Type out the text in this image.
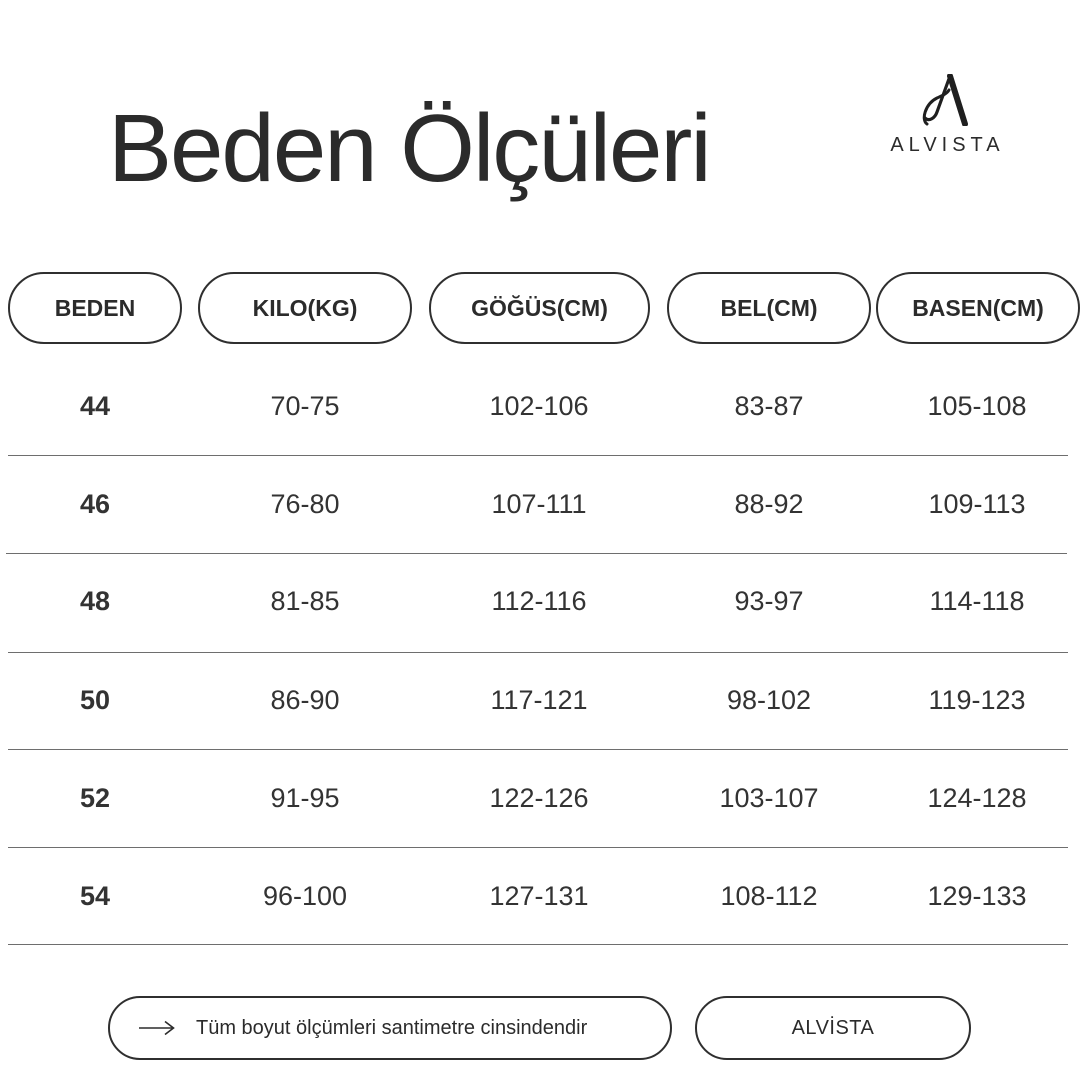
Beden Ölçüleri	ALVISTA
BEDEN	KILO(KG)	GÖĞÜS(CM)	BEL(CM)	BASEN(CM)
44	70-75	102-106	83-87	105-108
46	76-80	107-111	88-92	109-113
48	81-85	112-116	93-97	114-118
50	86-90	117-121	98-102	119-123
52	91-95	122-126	103-107	124-128
54	96-100	127-131	108-112	129-133
Tüm boyut ölçümleri santimetre cinsindendir	ALVİSTA
